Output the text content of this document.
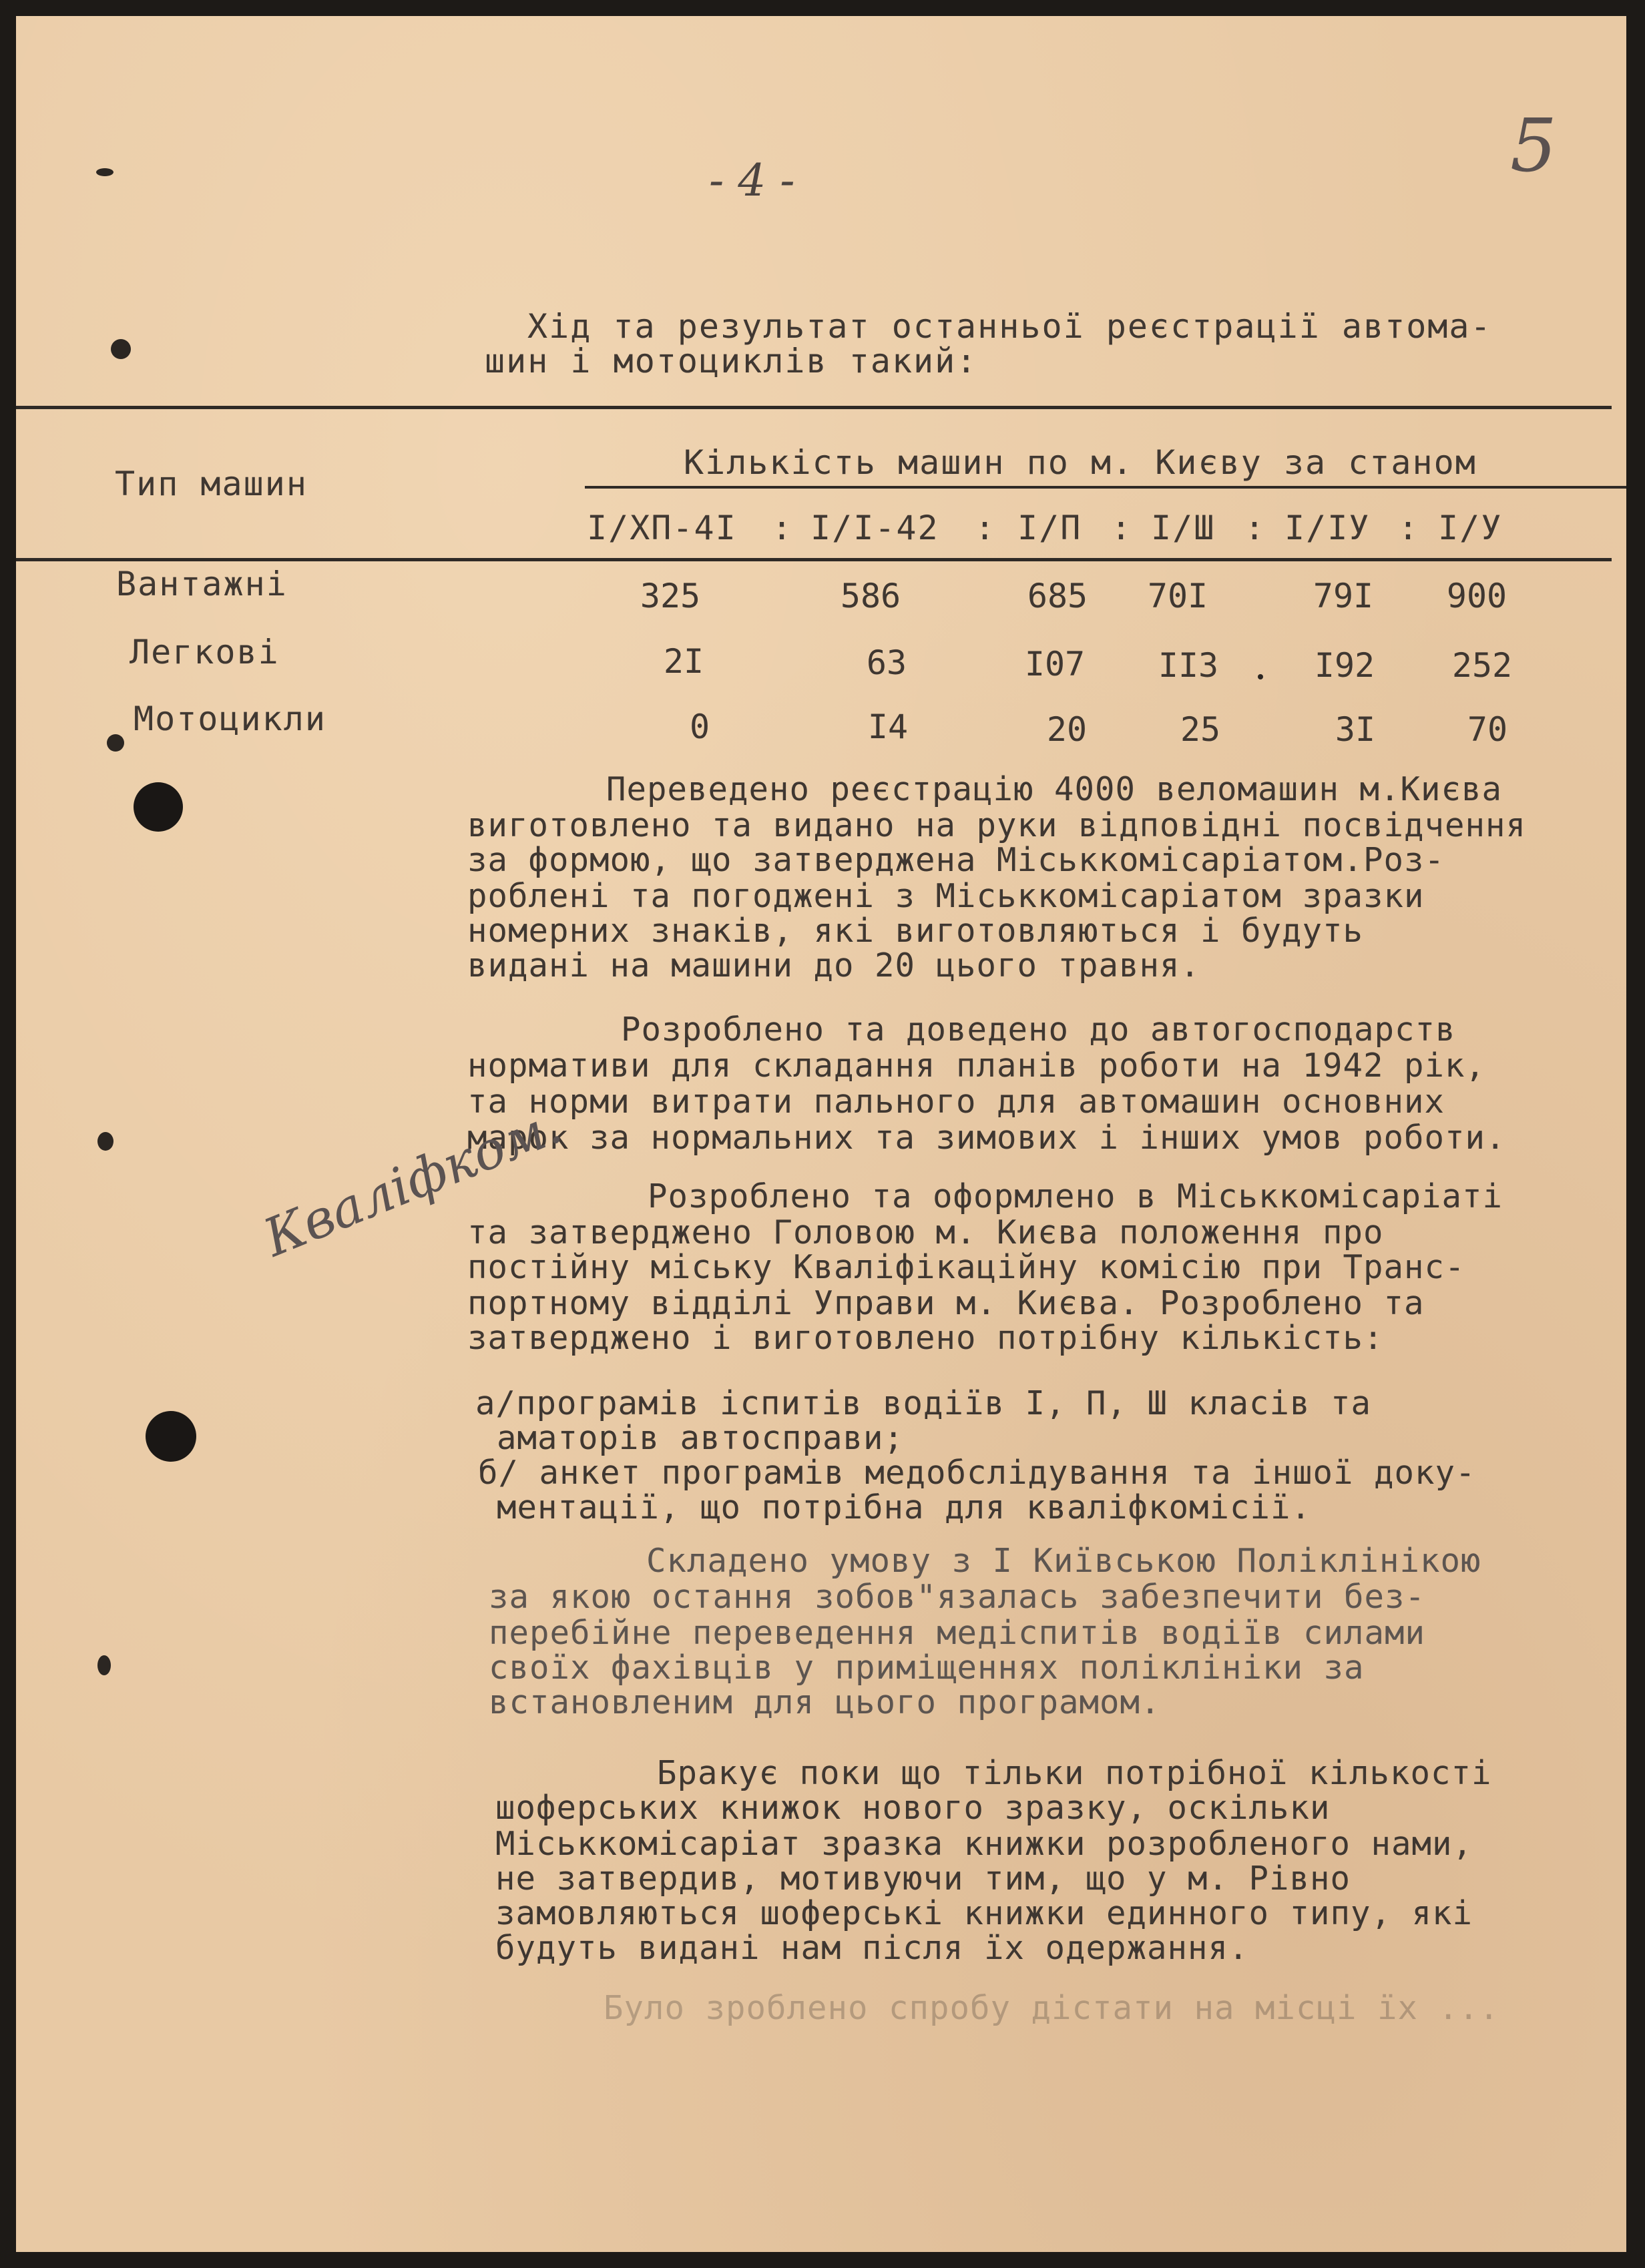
- 4 -	5
Хід та результат останньої реєстрації автома-
шин і мотоциклів такий:
Тип машин
Кількість машин по м. Києву за станом
I/XП-4I : I/I-42 : I/П : I/Ш : I/IУ : I/У
Вантажні	325	586	685	70I	79I	900
Легкові	2I	63	I07	II3	I92	252
Мотоцикли	0	I4	20	25	3I	70
Переведено реєстрацію 4000 веломашин м.Києва
виготовлено та видано на руки відповідні посвідчення
за формою, що затверджена Міськкомісаріатом.Роз-
роблені та погоджені з Міськкомісаріатом зразки
номерних знаків, які виготовляються і будуть
видані на машини до 20 цього травня.
Розроблено та доведено до автогосподарств
нормативи для складання планів роботи на 1942 рік,
та норми витрати пального для автомашин основних
марок за нормальних та зимових і інших умов роботи.
Кваліфком.
Розроблено та оформлено в Міськкомісаріаті
та затверджено Головою м. Києва положення про
постійну міську Кваліфікаційну комісію при Транс-
портному відділі Управи м. Києва. Розроблено та
затверджено і виготовлено потрібну кількість:
а/програмів іспитів водіїв I, П, Ш класів та
аматорів автосправи;
б/ анкет програмів медобслідування та іншої доку-
ментації, що потрібна для кваліфкомісії.
Складено умову з I Київською Поліклінікою
за якою остання зобов"язалась забезпечити без-
перебійне переведення медіспитів водіїв силами
своїх фахівців у приміщеннях поліклініки за
встановленим для цього програмом.
Бракує поки що тільки потрібної кількості
шоферських книжок нового зразку, оскільки
Міськкомісаріат зразка книжки розробленого нами,
не затвердив, мотивуючи тим, що у м. Рівно
замовляються шоферські книжки единного типу, які
будуть видані нам після їх одержання.
Було зроблено спробу дістати на місці їх ...
